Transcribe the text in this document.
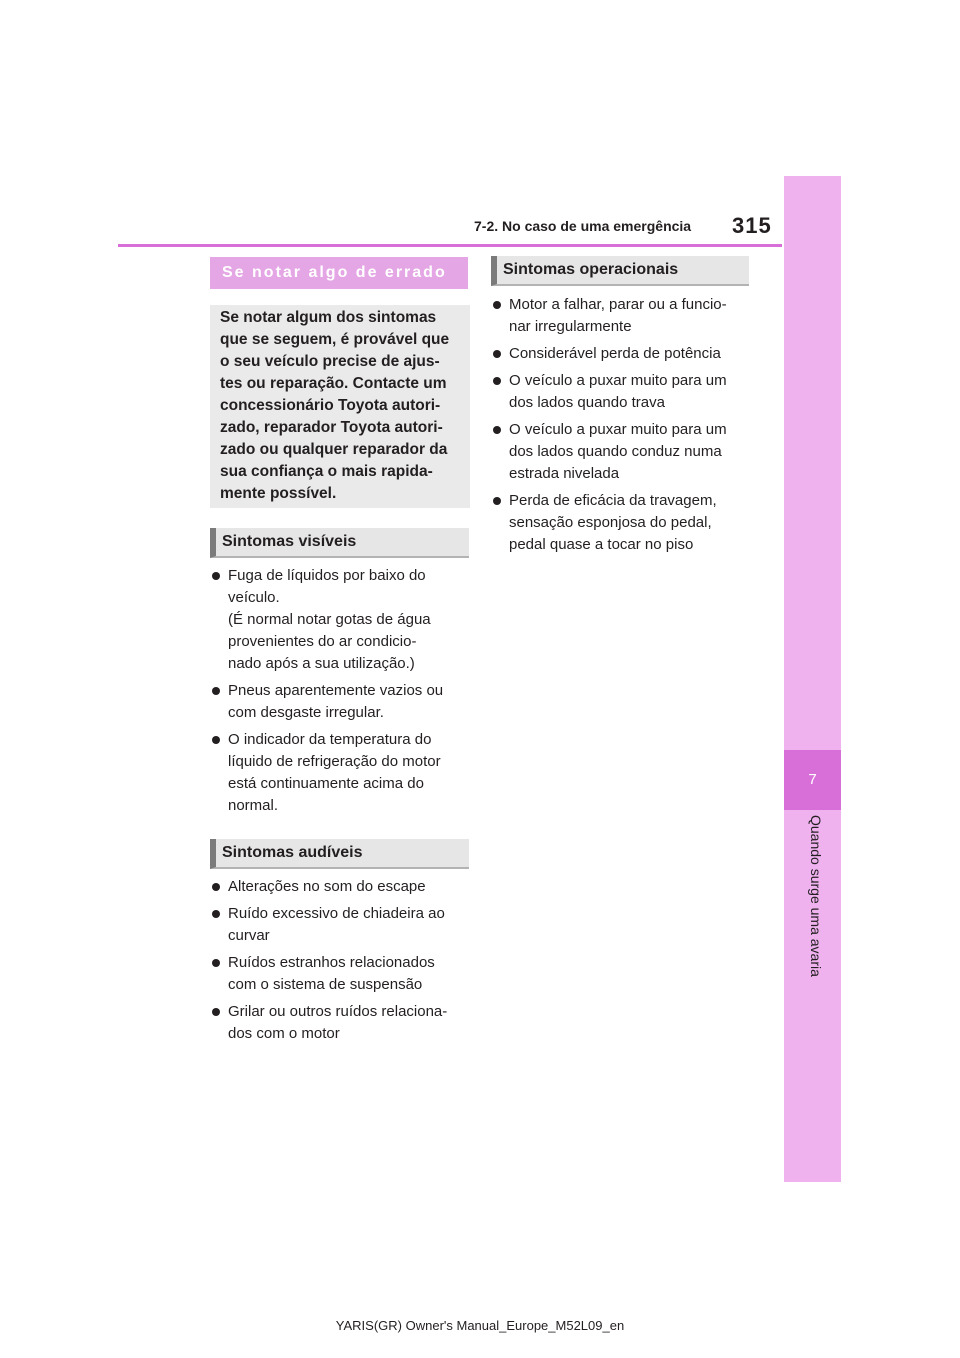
7
Quando surge uma avaria
7-2. No caso de uma emergência 315
Se notar algo de errado

Se notar algum dos sintomas
que se seguem, é provável que
o seu veículo precise de ajus-
tes ou reparação. Contacte um
concessionário Toyota autori-
zado, reparador Toyota autori-
zado ou qualquer reparador da
sua confiança o mais rapida-
mente possível.

Sintomas visíveis
Fuga de líquidos por baixo do
veículo.
(É normal notar gotas de água
provenientes do ar condicio-
nado após a sua utilização.)
Pneus aparentemente vazios ou
com desgaste irregular.
O indicador da temperatura do
líquido de refrigeração do motor
está continuamente acima do
normal.
Sintomas audíveis
Alterações no som do escape
Ruído excessivo de chiadeira ao
curvar
Ruídos estranhos relacionados
com o sistema de suspensão
Grilar ou outros ruídos relaciona-
dos com o motor
Sintomas operacionais
Motor a falhar, parar ou a funcio-
nar irregularmente
Considerável perda de potência
O veículo a puxar muito para um
dos lados quando trava
O veículo a puxar muito para um
dos lados quando conduz numa
estrada nivelada
Perda de eficácia da travagem,
sensação esponjosa do pedal,
pedal quase a tocar no piso
YARIS(GR) Owner's Manual_Europe_M52L09_en
